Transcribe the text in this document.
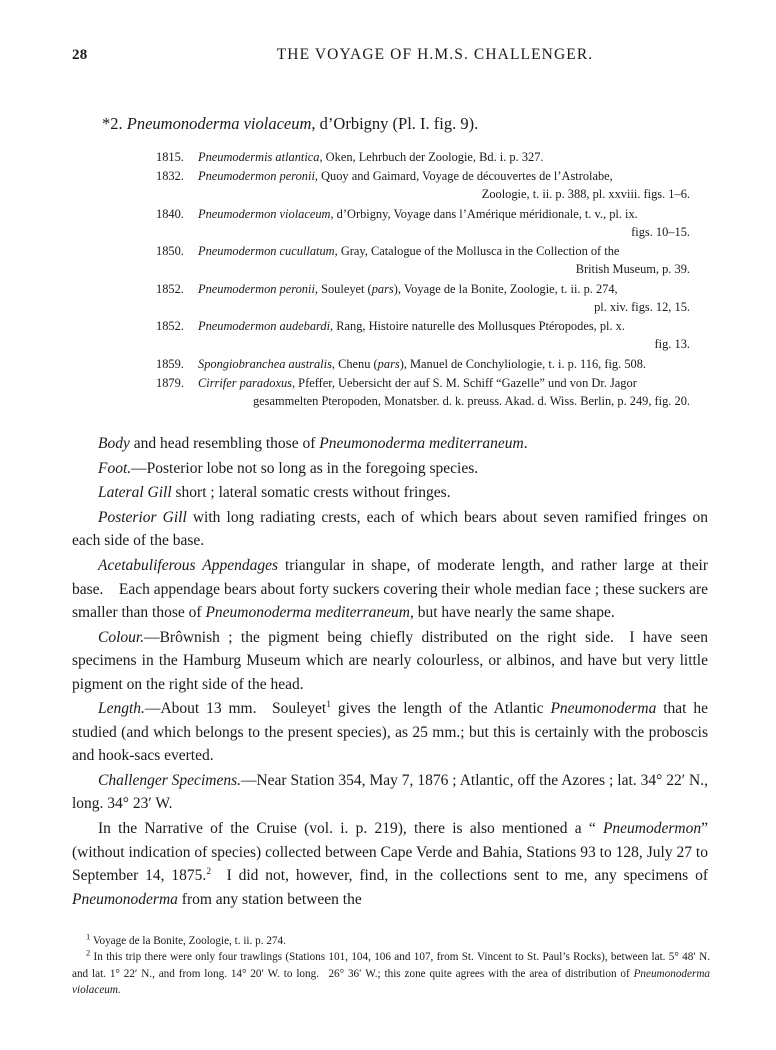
28	THE VOYAGE OF H.M.S. CHALLENGER.
*2. Pneumonoderma violaceum, d’Orbigny (Pl. I. fig. 9).
1815.	Pneumodermis atlantica, Oken, Lehrbuch der Zoologie, Bd. i. p. 327.
1832.	Pneumodermon peronii, Quoy and Gaimard, Voyage de découvertes de l’Astrolabe,
Zoologie, t. ii. p. 388, pl. xxviii. figs. 1–6.
1840.	Pneumodermon violaceum, d’Orbigny, Voyage dans l’Amérique méridionale, t. v., pl. ix.
figs. 10–15.
1850.	Pneumodermon cucullatum, Gray, Catalogue of the Mollusca in the Collection of the
British Museum, p. 39.
1852.	Pneumodermon peronii, Souleyet (pars), Voyage de la Bonite, Zoologie, t. ii. p. 274,
pl. xiv. figs. 12, 15.
1852.	Pneumodermon audebardi, Rang, Histoire naturelle des Mollusques Ptéropodes, pl. x.
fig. 13.
1859.	Spongiobranchea australis, Chenu (pars), Manuel de Conchyliologie, t. i. p. 116, fig. 508.
1879.	Cirrifer paradoxus, Pfeffer, Uebersicht der auf S. M. Schiff “Gazelle” und von Dr. Jagor
gesammelten Pteropoden, Monatsber. d. k. preuss. Akad. d. Wiss. Berlin, p. 249, fig. 20.

Body and head resembling those of Pneumonoderma mediterraneum.

Foot.—Posterior lobe not so long as in the foregoing species.

Lateral Gill short ; lateral somatic crests without fringes.

Posterior Gill with long radiating crests, each of which bears about seven ramified fringes on each side of the base.

Acetabuliferous Appendages triangular in shape, of moderate length, and rather large at their base. Each appendage bears about forty suckers covering their whole median face ; these suckers are smaller than those of Pneumonoderma mediterraneum, but have nearly the same shape.

Colour.—Brôwnish ; the pigment being chiefly distributed on the right side. I have seen specimens in the Hamburg Museum which are nearly colourless, or albinos, and have but very little pigment on the right side of the head.

Length.—About 13 mm. Souleyet$^1$ gives the length of the Atlantic Pneumonoderma that he studied (and which belongs to the present species), as 25 mm.; but this is certainly with the proboscis and hook-sacs everted.

Challenger Specimens.—Near Station 354, May 7, 1876 ; Atlantic, off the Azores ; lat. 34° 22′ N., long. 34° 23′ W.

In the Narrative of the Cruise (vol. i. p. 219), there is also mentioned a “ Pneumodermon” (without indication of species) collected between Cape Verde and Bahia, Stations 93 to 128, July 27 to September 14, 1875.$^2$ I did not, however, find, in the collections sent to me, any specimens of Pneumonoderma from any station between the

$^1$ Voyage de la Bonite, Zoologie, t. ii. p. 274.
$^2$ In this trip there were only four trawlings (Stations 101, 104, 106 and 107, from St. Vincent to St. Paul’s Rocks), between lat. 5° 48′ N. and lat. 1° 22′ N., and from long. 14° 20′ W. to long.  26° 36′ W.; this zone quite agrees with the area of distribution of Pneumonoderma violaceum.
